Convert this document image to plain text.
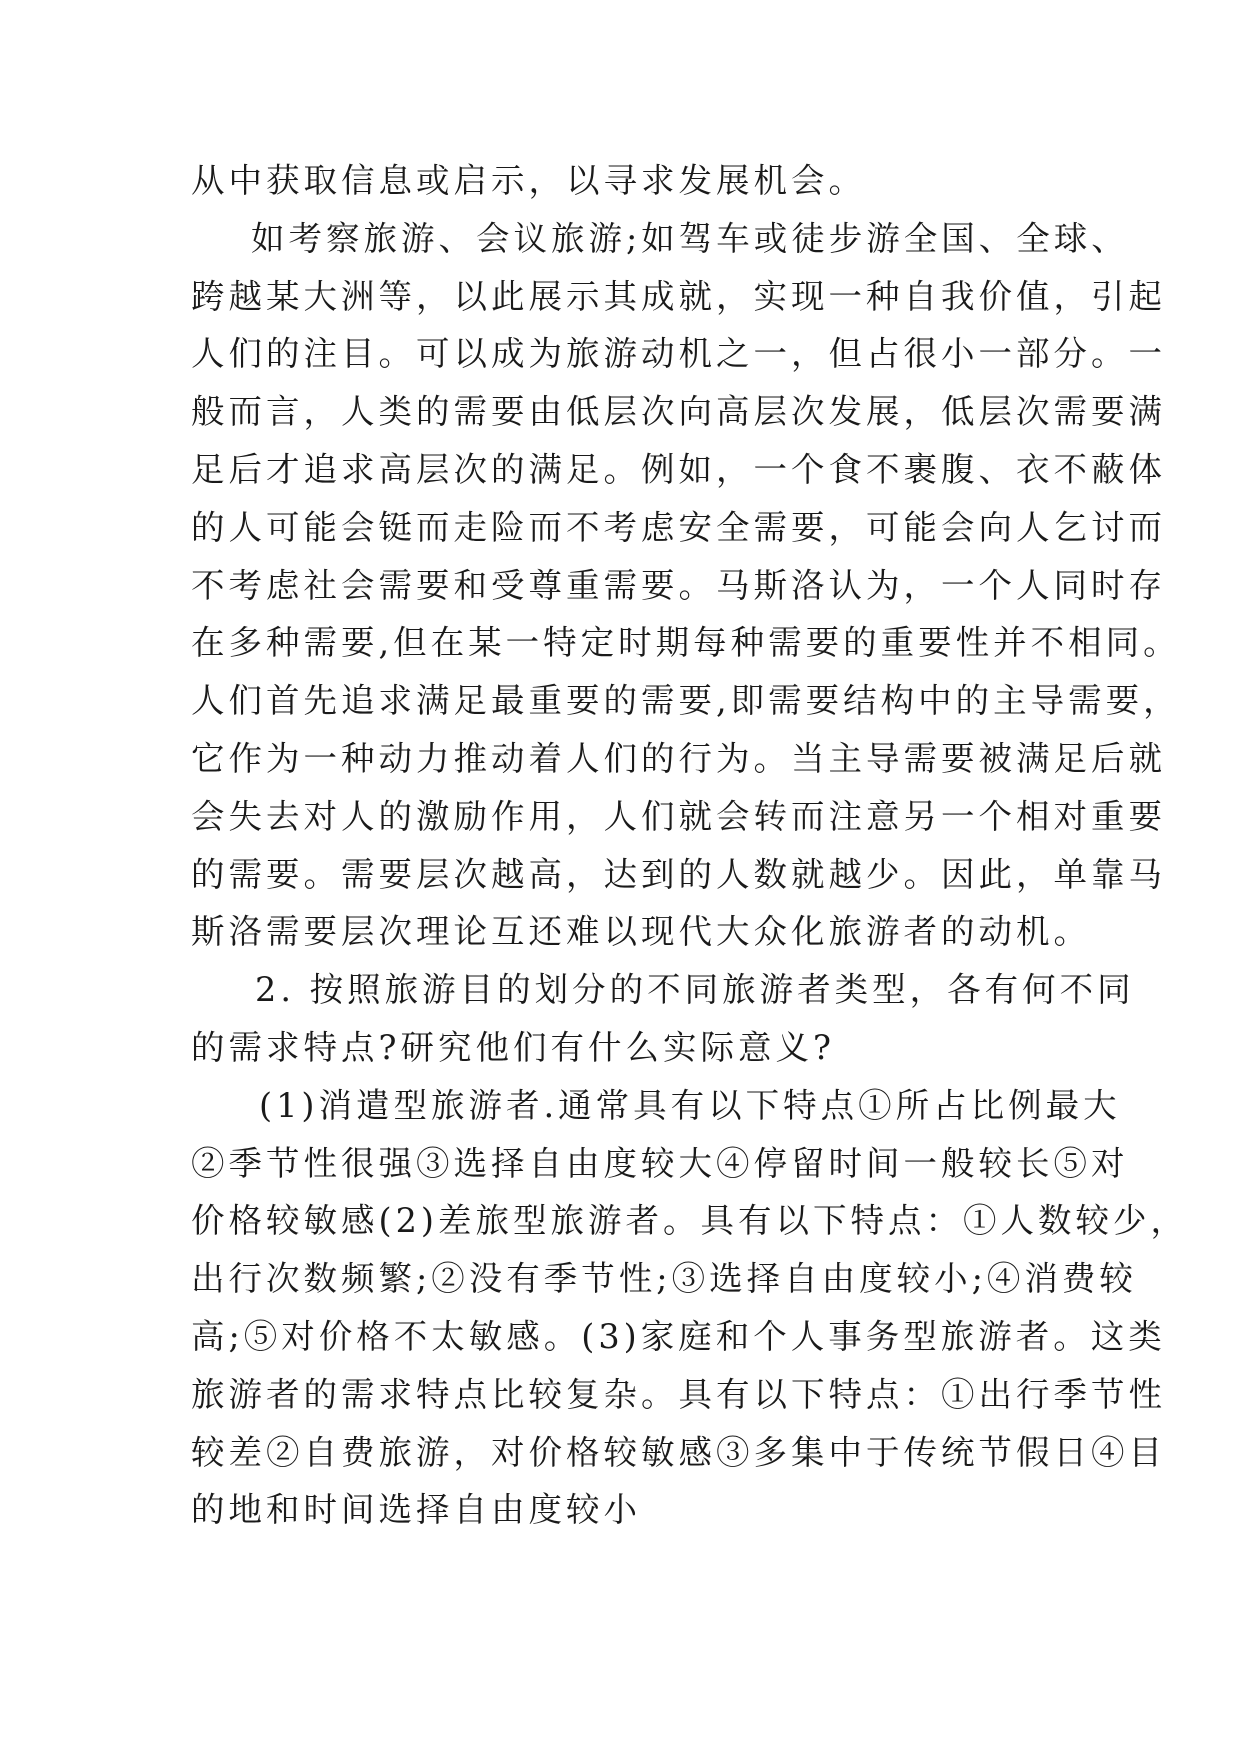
从中获取信息或启示，以寻求发展机会。
如考察旅游、会议旅游;如驾车或徒步游全国、全球、
跨越某大洲等，以此展示其成就，实现一种自我价值，引起
人们的注目。可以成为旅游动机之一，但占很小一部分。一
般而言，人类的需要由低层次向高层次发展，低层次需要满
足后才追求高层次的满足。例如，一个食不裹腹、衣不蔽体
的人可能会铤而走险而不考虑安全需要，可能会向人乞讨而
不考虑社会需要和受尊重需要。马斯洛认为，一个人同时存
在多种需要,但在某一特定时期每种需要的重要性并不相同。
人们首先追求满足最重要的需要,即需要结构中的主导需要，
它作为一种动力推动着人们的行为。当主导需要被满足后就
会失去对人的激励作用，人们就会转而注意另一个相对重要
的需要。需要层次越高，达到的人数就越少。因此，单靠马
斯洛需要层次理论互还难以现代大众化旅游者的动机。
2. 按照旅游目的划分的不同旅游者类型，各有何不同
的需求特点?研究他们有什么实际意义?
(1)消遣型旅游者.通常具有以下特点①所占比例最大
②季节性很强③选择自由度较大④停留时间一般较长⑤对
价格较敏感(2)差旅型旅游者。具有以下特点：①人数较少，
出行次数频繁;②没有季节性;③选择自由度较小;④消费较
高;⑤对价格不太敏感。(3)家庭和个人事务型旅游者。这类
旅游者的需求特点比较复杂。具有以下特点：①出行季节性
较差②自费旅游，对价格较敏感③多集中于传统节假日④目
的地和时间选择自由度较小
